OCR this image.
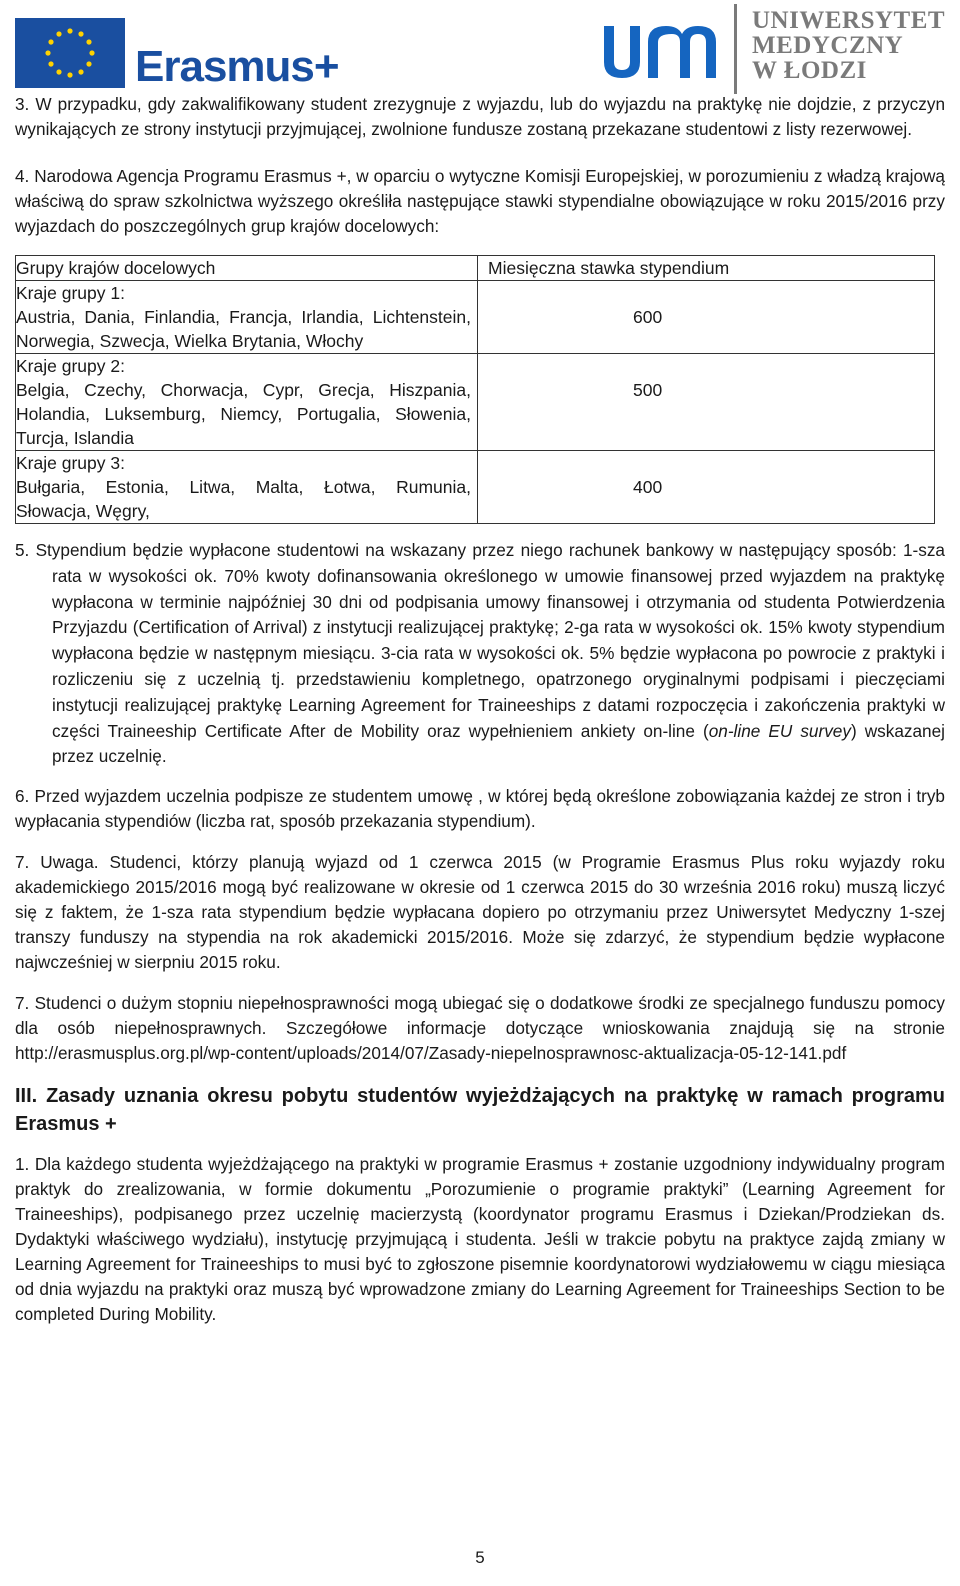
Erasmus+
UNIWERSYTET
MEDYCZNY
W ŁODZI

3. W przypadku, gdy zakwalifikowany student zrezygnuje z wyjazdu, lub do wyjazdu na praktykę nie dojdzie, z przyczyn wynikających ze strony instytucji przyjmującej, zwolnione fundusze zostaną przekazane studentowi z listy rezerwowej.

4. Narodowa Agencja Programu Erasmus +, w oparciu o wytyczne Komisji Europejskiej, w porozumieniu z władzą krajową właściwą do spraw szkolnictwa wyższego określiła następujące stawki stypendialne obowiązujące w roku 2015/2016 przy wyjazdach do poszczególnych grup krajów docelowych:

Grupy krajów docelowych	Miesięczna stawka stypendium

Kraje grupy 1:
Austria, Dania, Finlandia, Francja, Irlandia, Lichtenstein, Norwegia, Szwecja, Wielka Brytania, Włochy	600

Kraje grupy 2:
Belgia, Czechy, Chorwacja, Cypr, Grecja, Hiszpania, Holandia, Luksemburg, Niemcy, Portugalia, Słowenia, Turcja, Islandia	500

Kraje grupy 3:
Bułgaria, Estonia, Litwa, Malta, Łotwa, Rumunia, Słowacja, Węgry,	400

5. Stypendium będzie wypłacone studentowi na wskazany przez niego rachunek bankowy w następujący sposób: 1-sza rata w wysokości ok. 70% kwoty dofinansowania określonego w umowie finansowej przed wyjazdem na praktykę wypłacona w terminie najpóźniej 30 dni od podpisania umowy finansowej i otrzymania od studenta Potwierdzenia Przyjazdu (Certification of Arrival) z instytucji realizującej praktykę; 2-ga rata w wysokości ok. 15% kwoty stypendium wypłacona będzie w następnym miesiącu. 3-cia rata w wysokości ok. 5% będzie wypłacona po powrocie z praktyki i rozliczeniu się z uczelnią tj. przedstawieniu kompletnego, opatrzonego oryginalnymi podpisami i pieczęciami instytucji realizującej praktykę Learning Agreement for Traineeships z datami rozpoczęcia i zakończenia praktyki w części Traineeship Certificate After de Mobility oraz wypełnieniem ankiety on-line (on-line EU survey) wskazanej przez uczelnię.

6. Przed wyjazdem uczelnia podpisze ze studentem umowę , w której będą określone zobowiązania każdej ze stron i tryb wypłacania stypendiów (liczba rat, sposób przekazania stypendium).

7. Uwaga. Studenci, którzy planują wyjazd od 1 czerwca 2015 (w Programie Erasmus Plus roku wyjazdy roku akademickiego 2015/2016 mogą być realizowane w okresie od 1 czerwca 2015 do 30 września 2016 roku) muszą liczyć się z faktem, że 1-sza rata stypendium będzie wypłacana dopiero po otrzymaniu przez Uniwersytet Medyczny 1-szej transzy funduszy na stypendia na rok akademicki 2015/2016. Może się zdarzyć, że stypendium będzie wypłacone najwcześniej w sierpniu 2015 roku.

7. Studenci o dużym stopniu niepełnosprawności mogą ubiegać się o dodatkowe środki ze specjalnego funduszu pomocy dla osób niepełnosprawnych. Szczegółowe informacje dotyczące wnioskowania znajdują się na stronie http://erasmusplus.org.pl/wp-content/uploads/2014/07/Zasady-niepelnosprawnosc-aktualizacja-05-12-141.pdf

III. Zasady uznania okresu pobytu studentów wyjeżdżających na praktykę w ramach programu Erasmus +

1. Dla każdego studenta wyjeżdżającego na praktyki w programie Erasmus + zostanie uzgodniony indywidualny program praktyk do zrealizowania, w formie dokumentu „Porozumienie o programie praktyki” (Learning Agreement for Traineeships), podpisanego przez uczelnię macierzystą (koordynator programu Erasmus i Dziekan/Prodziekan ds. Dydaktyki właściwego wydziału), instytucję przyjmującą i studenta. Jeśli w trakcie pobytu na praktyce zajdą zmiany w Learning Agreement for Traineeships to musi być to zgłoszone pisemnie koordynatorowi wydziałowemu w ciągu miesiąca od dnia wyjazdu na praktyki oraz muszą być wprowadzone zmiany do Learning Agreement for Traineeships Section to be completed During Mobility.

5
